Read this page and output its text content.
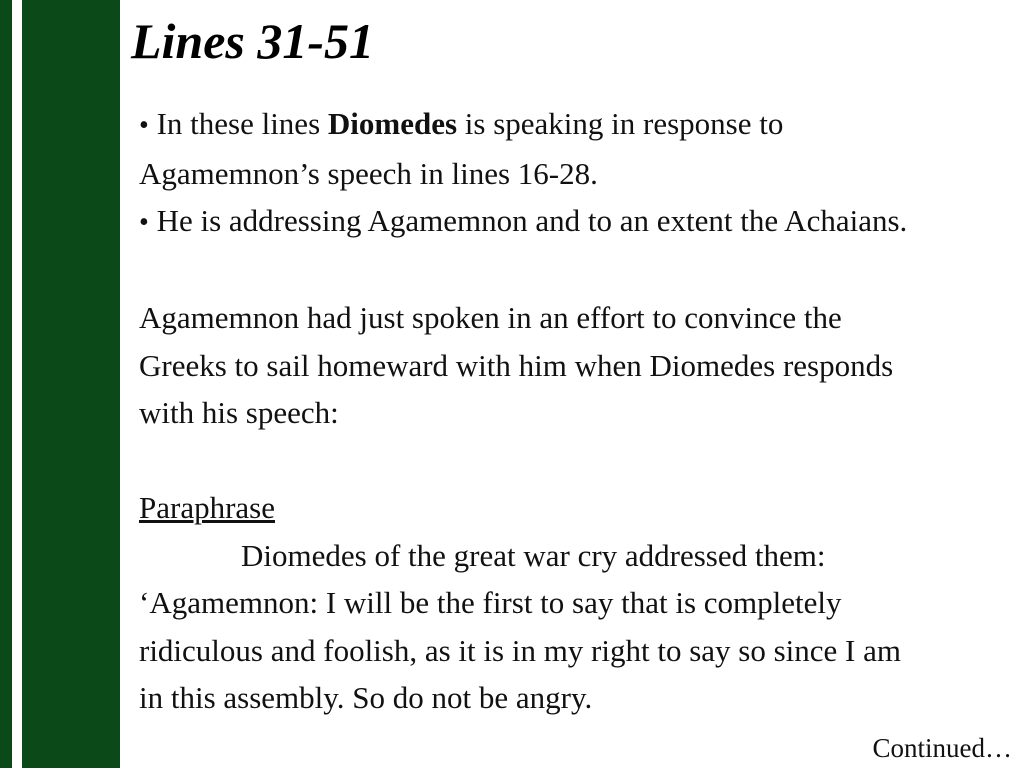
Lines 31-51
• In these lines Diomedes is speaking in response to
Agamemnon’s speech in lines 16-28.
• He is addressing Agamemnon and to an extent the Achaians.
Agamemnon had just spoken in an effort to convince the
Greeks to sail homeward with him when Diomedes responds
with his speech:
Paraphrase
Diomedes of the great war cry addressed them:
‘Agamemnon: I will be the first to say that is completely
ridiculous and foolish, as it is in my right to say so since I am
in this assembly. So do not be angry.
Continued…
